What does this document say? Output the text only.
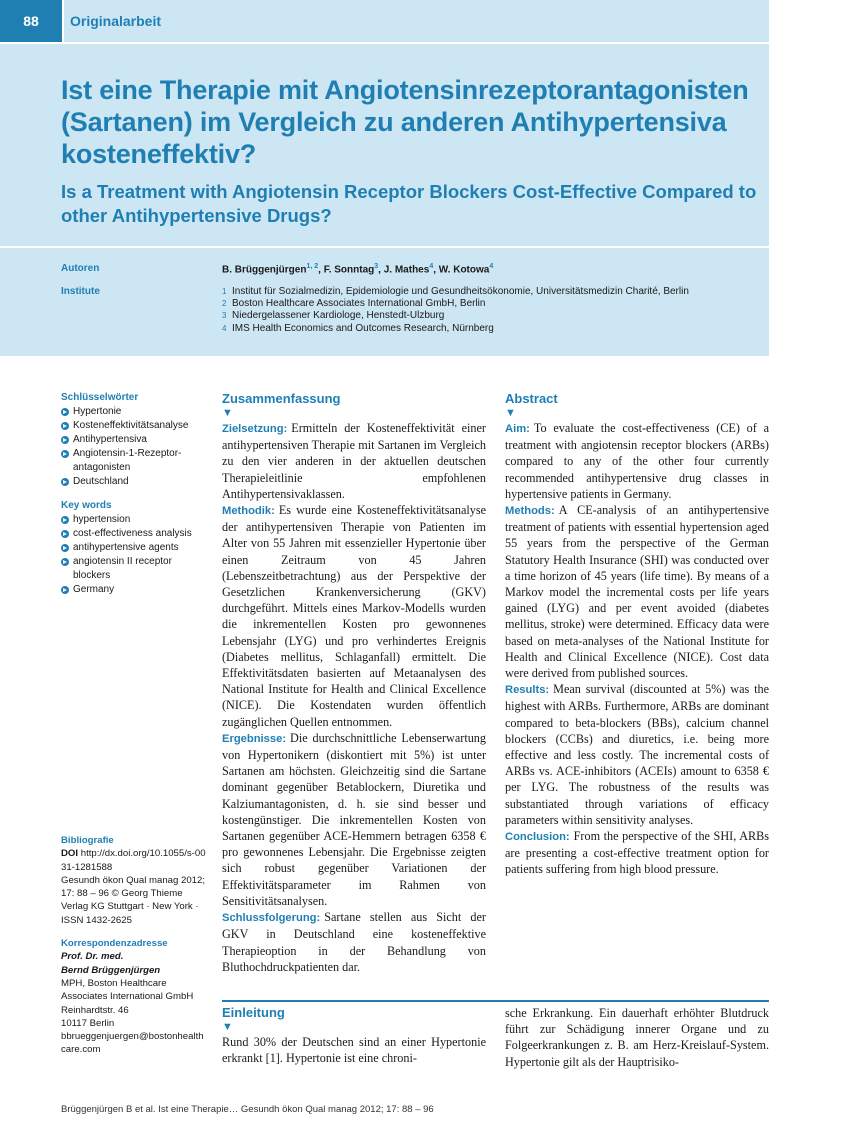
88	Originalarbeit
Ist eine Therapie mit Angiotensinrezeptorantagonisten (Sartanen) im Vergleich zu anderen Antihypertensiva kosteneffektiv?
Is a Treatment with Angiotensin Receptor Blockers Cost-Effective Compared to other Antihypertensive Drugs?
Autoren	B. Brüggenjürgen$^{1, 2}$, F. Sonntag$^3$, J. Mathes$^4$, W. Kotowa$^4$
Institute	1 Institut für Sozialmedizin, Epidemiologie und Gesundheitsökonomie, Universitätsmedizin Charité, Berlin
2 Boston Healthcare Associates International GmbH, Berlin
3 Niedergelassener Kardiologe, Henstedt-Ulzburg
4 IMS Health Economics and Outcomes Research, Nürnberg
Schlüsselwörter
Hypertonie
Kosteneffektivitätsanalyse
Antihypertensiva
Angiotensin-1-Rezeptor-antagonisten
Deutschland
Key words
hypertension
cost-effectiveness analysis
antihypertensive agents
angiotensin II receptor blockers
Germany
Bibliografie
DOI http://dx.doi.org/10.1055/s-0031-1281588
Gesundh ökon Qual manag 2012; 17: 88 – 96 © Georg Thieme Verlag KG Stuttgart · New York · ISSN 1432-2625
Korrespondenzadresse
Prof. Dr. med.
Bernd Brüggenjürgen
MPH, Boston Healthcare Associates International GmbH
Reinhardtstr. 46
10117 Berlin
bbrueggenjuergen@bostonhealthcare.com
Zusammenfassung
▼

Zielsetzung: Ermitteln der Kosteneffektivität einer antihypertensiven Therapie mit Sartanen im Vergleich zu den vier anderen in der aktuellen deutschen Therapieleitlinie empfohlenen Antihypertensivaklassen.

Methodik: Es wurde eine Kosteneffektivitätsanalyse der antihypertensiven Therapie von Patienten im Alter von 55 Jahren mit essenzieller Hypertonie über einen Zeitraum von 45 Jahren (Lebenszeitbetrachtung) aus der Perspektive der Gesetzlichen Krankenversicherung (GKV) durchgeführt. Mittels eines Markov-Modells wurden die inkrementellen Kosten pro gewonnenes Lebensjahr (LYG) und pro verhindertes Ereignis (Diabetes mellitus, Schlaganfall) ermittelt. Die Effektivitätsdaten basierten auf Metaanalysen des National Institute for Health and Clinical Excellence (NICE). Die Kostendaten wurden öffentlich zugänglichen Quellen entnommen.

Ergebnisse: Die durchschnittliche Lebenserwartung von Hypertonikern (diskontiert mit 5%) ist unter Sartanen am höchsten. Gleichzeitig sind die Sartane dominant gegenüber Betablockern, Diuretika und Kalziumantagonisten, d. h. sie sind besser und kostengünstiger. Die inkrementellen Kosten von Sartanen gegenüber ACE-Hemmern betragen 6358 € pro gewonnenes Lebensjahr. Die Ergebnisse zeigten sich robust gegenüber Variationen der Effektivitätsparameter im Rahmen von Sensitivitätsanalysen.

Schlussfolgerung: Sartane stellen aus Sicht der GKV in Deutschland eine kosteneffektive Therapieoption in der Behandlung von Bluthochdruckpatienten dar.

Abstract
▼

Aim: To evaluate the cost-effectiveness (CE) of a treatment with angiotensin receptor blockers (ARBs) compared to any of the other four currently recommended antihypertensive drug classes in hypertensive patients in Germany.

Methods: A CE-analysis of an antihypertensive treatment of patients with essential hypertension aged 55 years from the perspective of the German Statutory Health Insurance (SHI) was conducted over a time horizon of 45 years (life time). By means of a Markov model the incremental costs per life years gained (LYG) and per event avoided (diabetes mellitus, stroke) were determined. Efficacy data were based on meta-analyses of the National Institute for Health and Clinical Excellence (NICE). Cost data were derived from published sources.

Results: Mean survival (discounted at 5%) was the highest with ARBs. Furthermore, ARBs are dominant compared to beta-blockers (BBs), calcium channel blockers (CCBs) and diuretics, i.e. being more effective and less costly. The incremental costs of ARBs vs. ACE-inhibitors (ACEIs) amount to 6358 € per LYG. The robustness of the results was substantiated through variations of efficacy parameters within sensitivity analyses.

Conclusion: From the perspective of the SHI, ARBs are presenting a cost-effective treatment option for patients suffering from high blood pressure.

Einleitung
▼

Rund 30% der Deutschen sind an einer Hypertonie erkrankt [1]. Hypertonie ist eine chroni-

sche Erkrankung. Ein dauerhaft erhöhter Blutdruck führt zur Schädigung innerer Organe und zu Folgeerkrankungen z. B. am Herz-Kreislauf-System. Hypertonie gilt als der Hauptrisiko-

Brüggenjürgen B et al. Ist eine Therapie… Gesundh ökon Qual manag 2012; 17: 88 – 96
